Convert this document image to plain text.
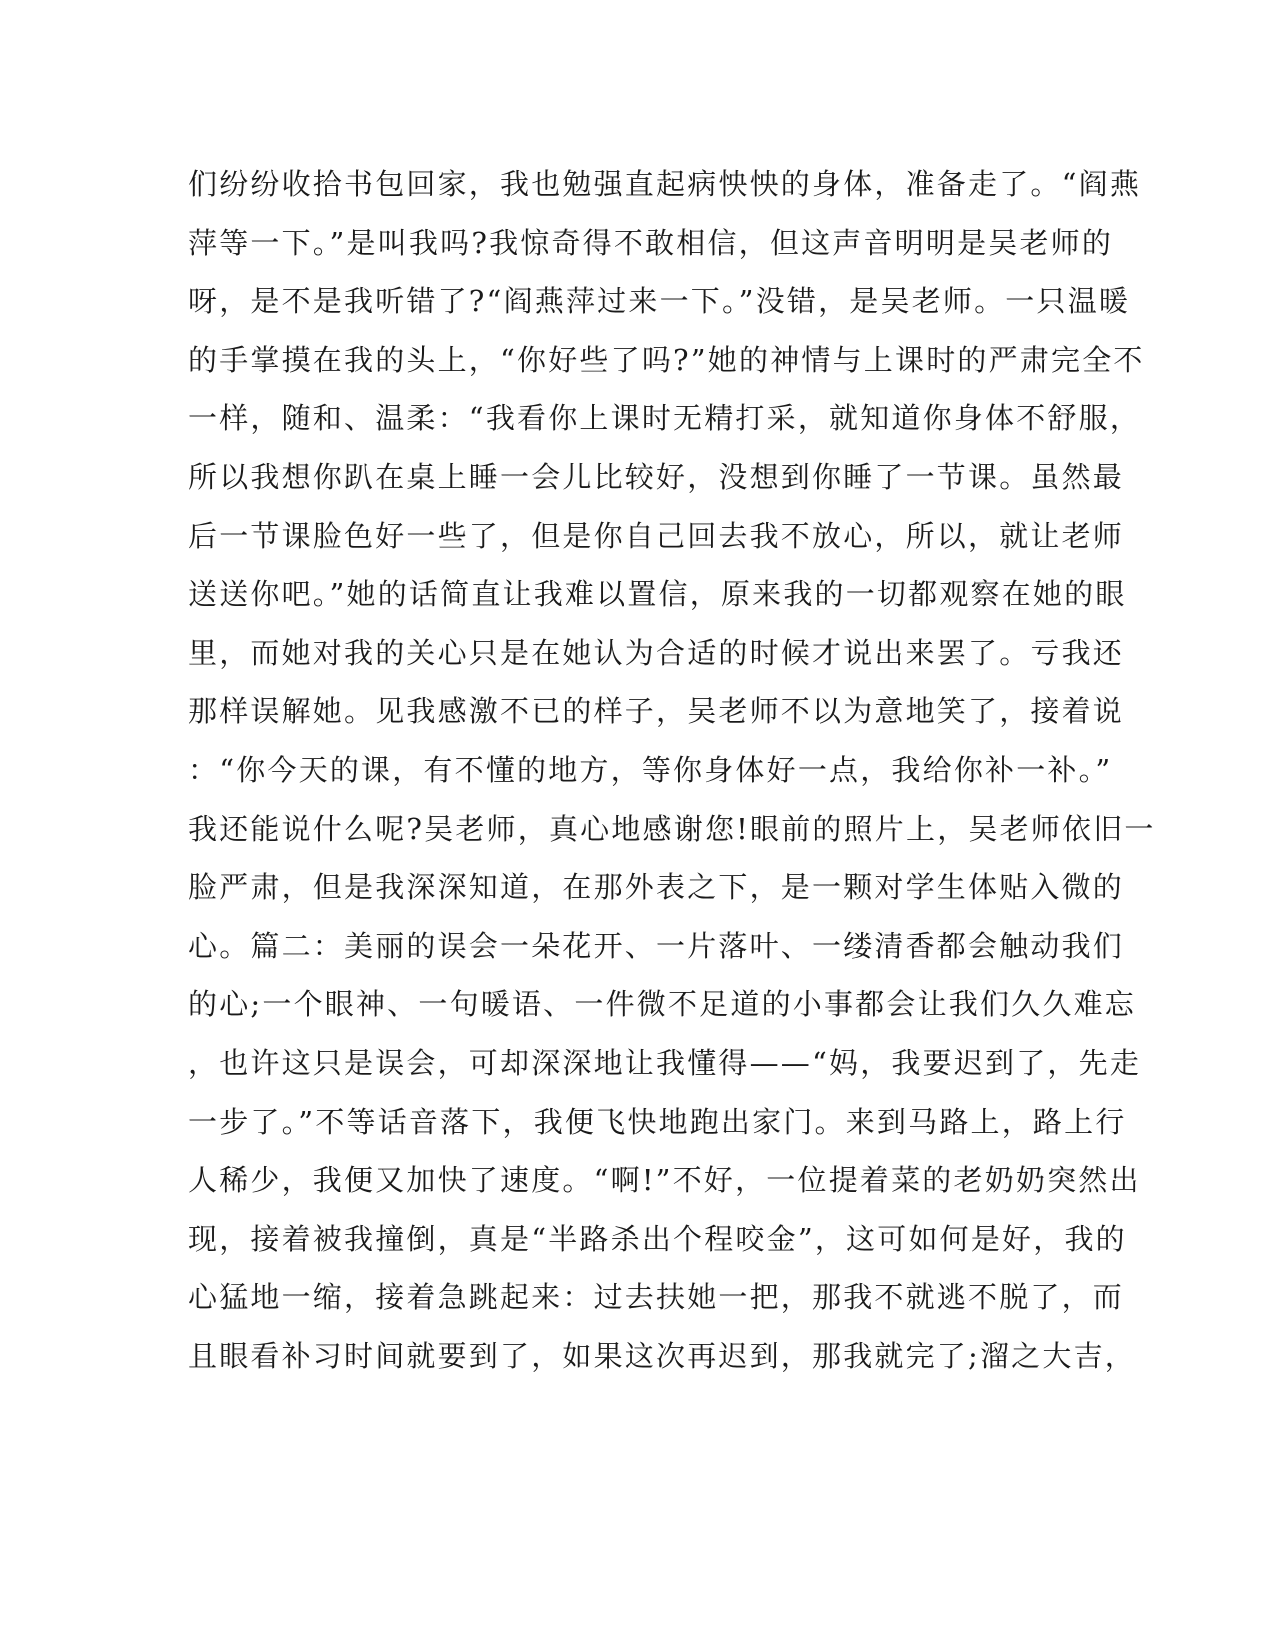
们纷纷收拾书包回家，我也勉强直起病怏怏的身体，准备走了。“阎燕
萍等一下。”是叫我吗?我惊奇得不敢相信，但这声音明明是吴老师的
呀，是不是我听错了?“阎燕萍过来一下。”没错，是吴老师。一只温暖
的手掌摸在我的头上，“你好些了吗?”她的神情与上课时的严肃完全不
一样，随和、温柔：“我看你上课时无精打采，就知道你身体不舒服，
所以我想你趴在桌上睡一会儿比较好，没想到你睡了一节课。虽然最
后一节课脸色好一些了，但是你自己回去我不放心，所以，就让老师
送送你吧。”她的话简直让我难以置信，原来我的一切都观察在她的眼
里，而她对我的关心只是在她认为合适的时候才说出来罢了。亏我还
那样误解她。见我感激不已的样子，吴老师不以为意地笑了，接着说
：“你今天的课，有不懂的地方，等你身体好一点，我给你补一补。”
我还能说什么呢?吴老师，真心地感谢您!眼前的照片上，吴老师依旧一
脸严肃，但是我深深知道，在那外表之下，是一颗对学生体贴入微的
心。篇二：美丽的误会一朵花开、一片落叶、一缕清香都会触动我们
的心;一个眼神、一句暖语、一件微不足道的小事都会让我们久久难忘
，也许这只是误会，可却深深地让我懂得——“妈，我要迟到了，先走
一步了。”不等话音落下，我便飞快地跑出家门。来到马路上，路上行
人稀少，我便又加快了速度。“啊!”不好，一位提着菜的老奶奶突然出
现，接着被我撞倒，真是“半路杀出个程咬金”，这可如何是好，我的
心猛地一缩，接着急跳起来：过去扶她一把，那我不就逃不脱了，而
且眼看补习时间就要到了，如果这次再迟到，那我就完了;溜之大吉，
